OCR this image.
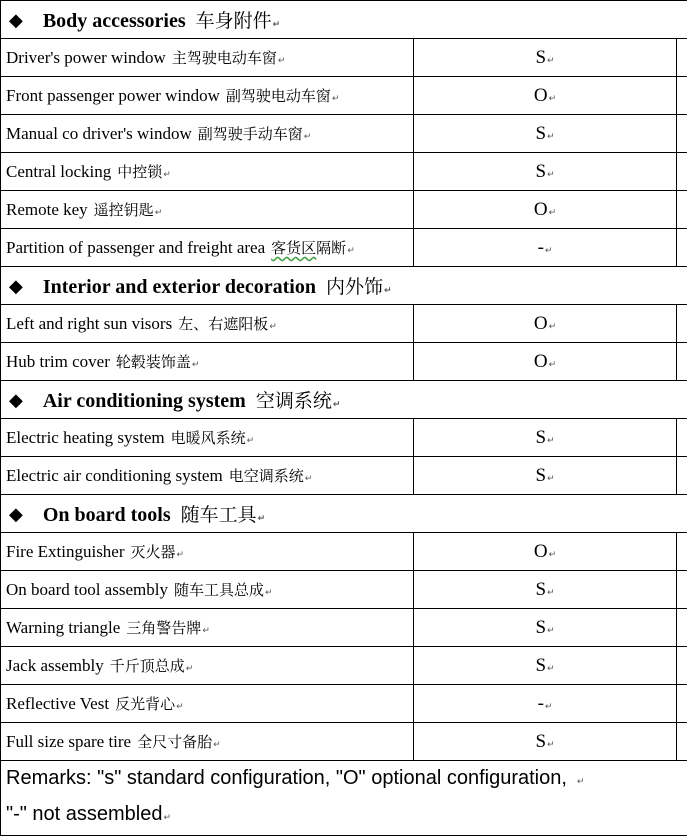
◆ Body accessories 车身附件↵		
Driver's power window 主驾驶电动车窗↵	S↵	
Front passenger power window 副驾驶电动车窗↵	O↵	
Manual co driver's window 副驾驶手动车窗↵	S↵	
Central locking 中控锁↵	S↵	
Remote key 遥控钥匙↵	O↵	
Partition of passenger and freight area 客货区隔断↵	-↵	
◆ Interior and exterior decoration 内外饰↵		
Left and right sun visors 左、右遮阳板↵	O↵	
Hub trim cover 轮毂装饰盖↵	O↵	
◆ Air conditioning system 空调系统↵		
Electric heating system 电暖风系统↵	S↵	
Electric air conditioning system 电空调系统↵	S↵	
◆ On board tools 随车工具↵		
Fire Extinguisher 灭火器↵	O↵	
On board tool assembly 随车工具总成↵	S↵	
Warning triangle 三角警告牌↵	S↵	
Jack assembly 千斤顶总成↵	S↵	
Reflective Vest 反光背心↵	-↵	
Full size spare tire 全尺寸备胎↵	S↵	

Remarks: "s" standard configuration, "O" optional configuration, ↵
"-" not assembled↵		
